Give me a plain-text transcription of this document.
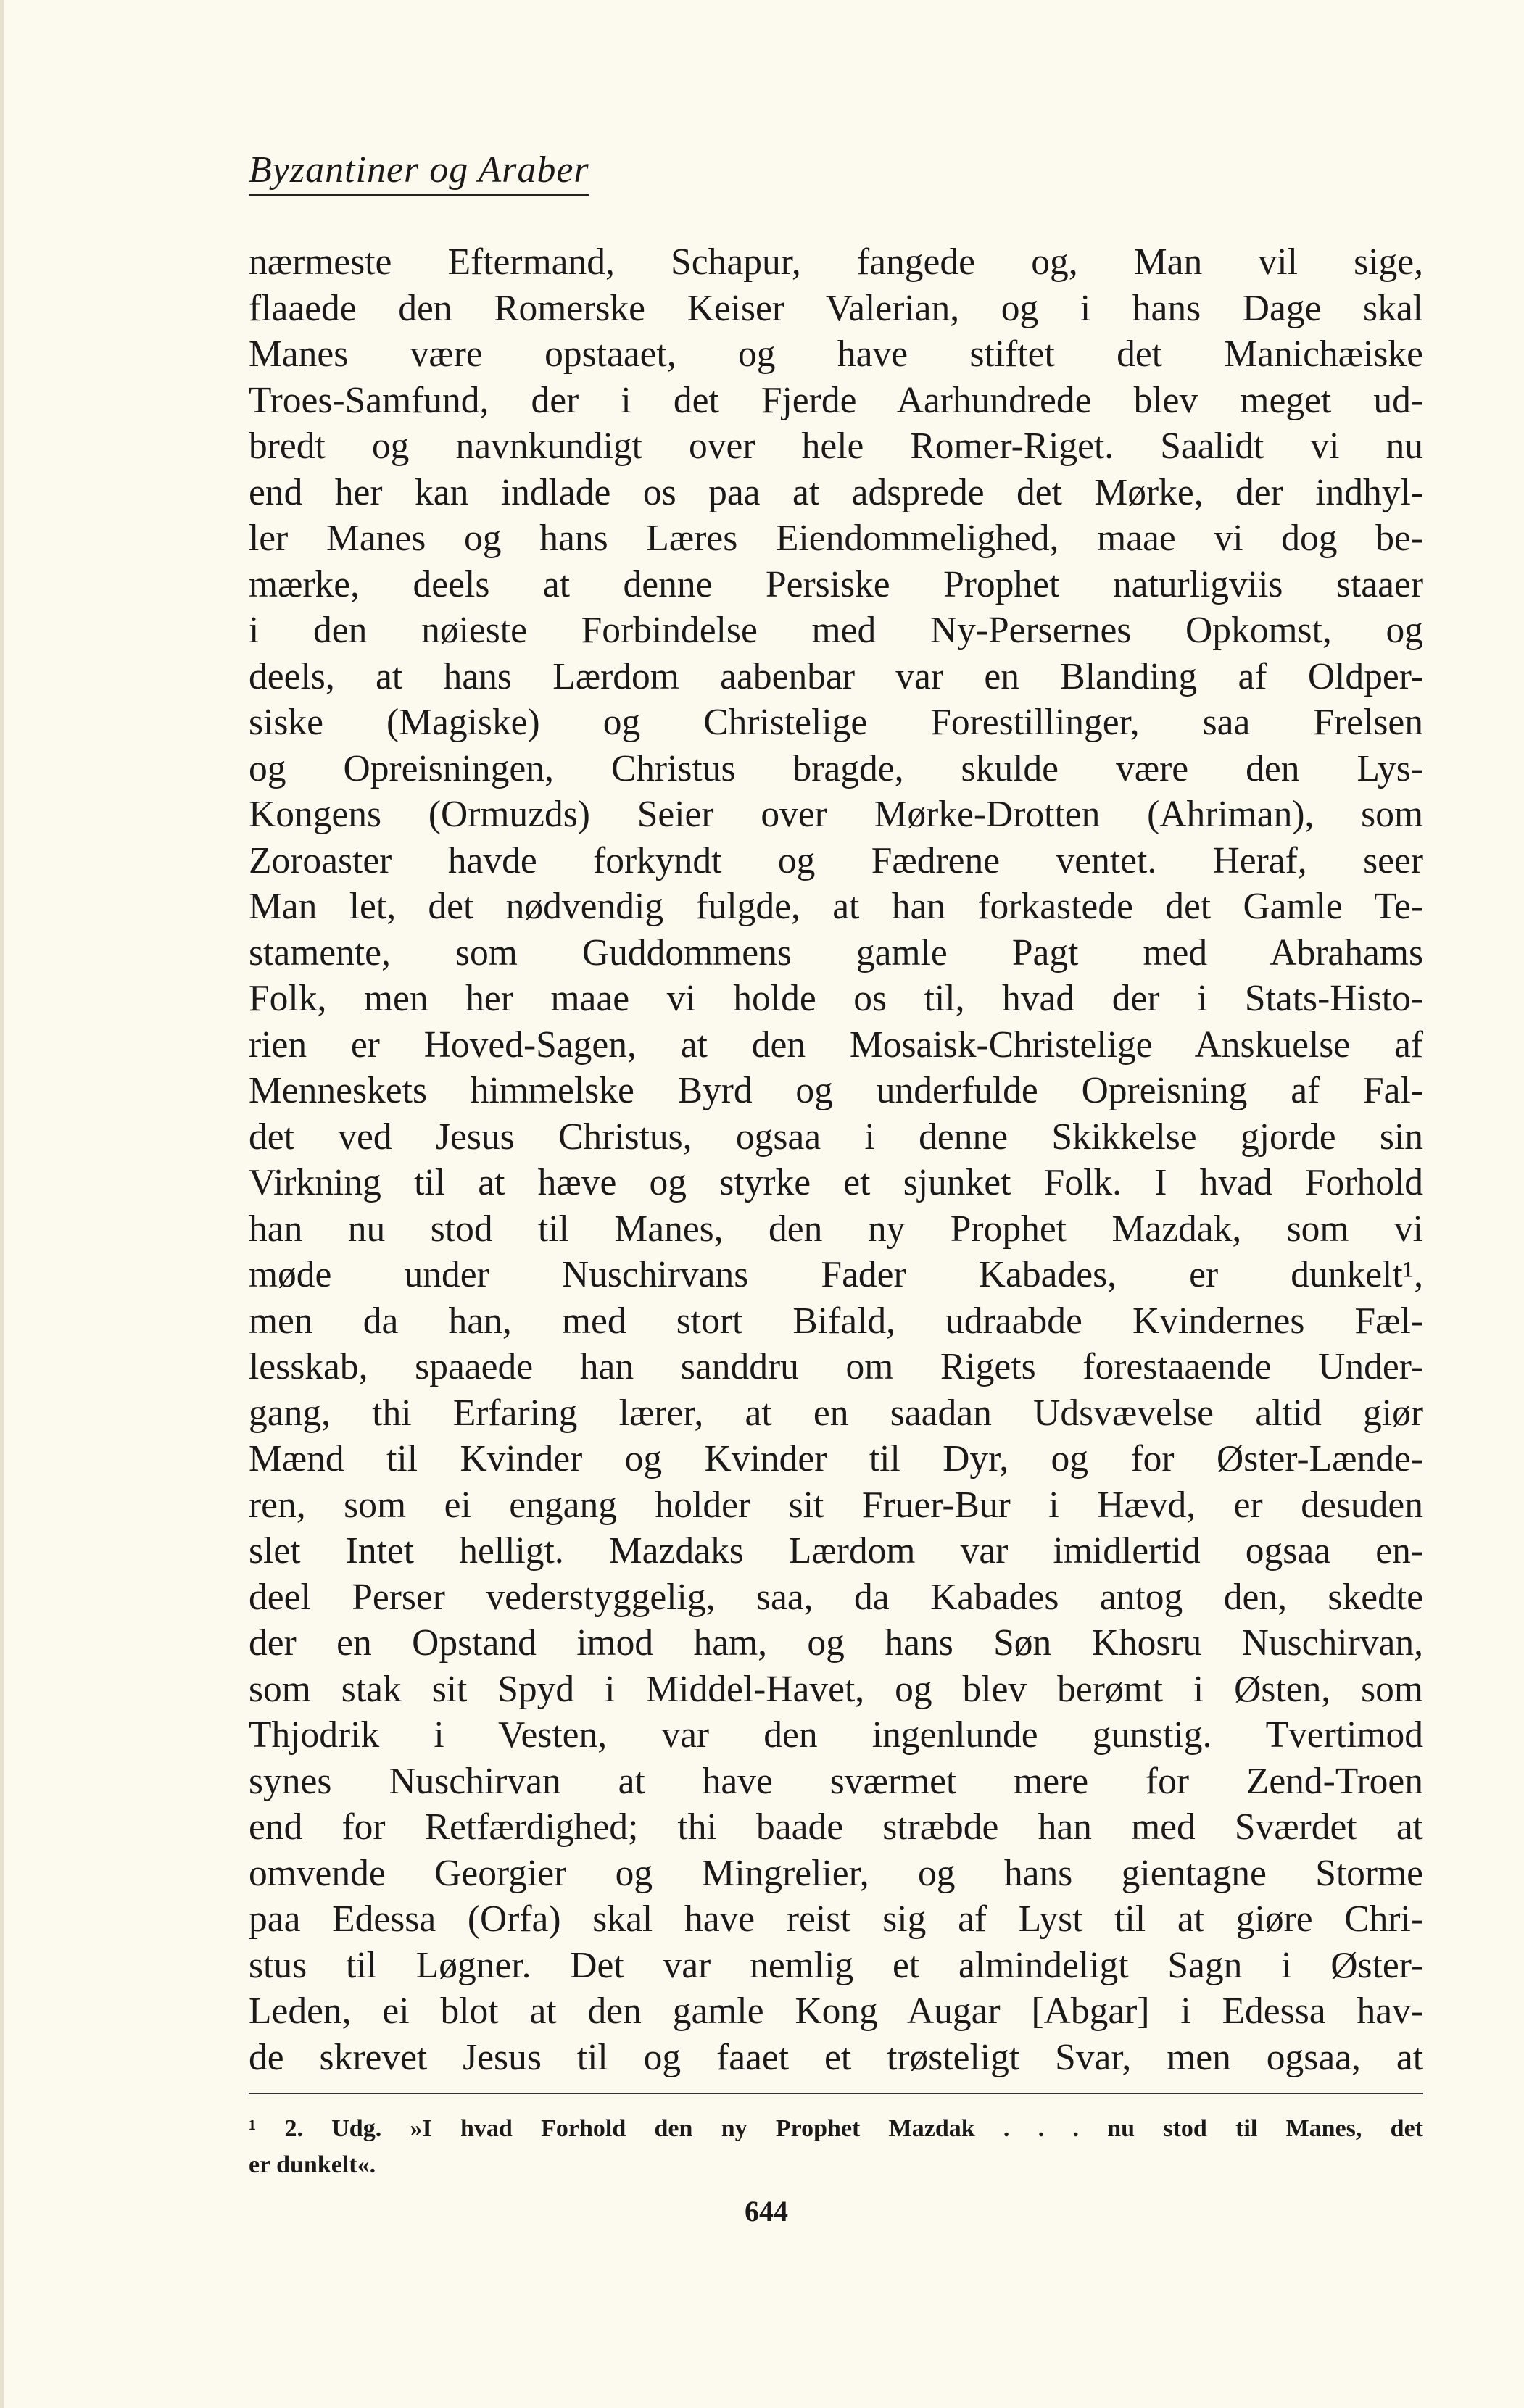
Byzantiner og Araber
nærmeste Eftermand, Schapur, fangede og, Man vil sige,
flaaede den Romerske Keiser Valerian, og i hans Dage skal
Manes være opstaaet, og have stiftet det Manichæiske
Troes-Samfund, der i det Fjerde Aarhundrede blev meget ud-
bredt og navnkundigt over hele Romer-Riget. Saalidt vi nu
end her kan indlade os paa at adsprede det Mørke, der indhyl-
ler Manes og hans Læres Eiendommelighed, maae vi dog be-
mærke, deels at denne Persiske Prophet naturligviis staaer
i den nøieste Forbindelse med Ny-Persernes Opkomst, og
deels, at hans Lærdom aabenbar var en Blanding af Oldper-
siske (Magiske) og Christelige Forestillinger, saa Frelsen
og Opreisningen, Christus bragde, skulde være den Lys-
Kongens (Ormuzds) Seier over Mørke-Drotten (Ahriman), som
Zoroaster havde forkyndt og Fædrene ventet. Heraf, seer
Man let, det nødvendig fulgde, at han forkastede det Gamle Te-
stamente, som Guddommens gamle Pagt med Abrahams
Folk, men her maae vi holde os til, hvad der i Stats-Histo-
rien er Hoved-Sagen, at den Mosaisk-Christelige Anskuelse af
Menneskets himmelske Byrd og underfulde Opreisning af Fal-
det ved Jesus Christus, ogsaa i denne Skikkelse gjorde sin
Virkning til at hæve og styrke et sjunket Folk. I hvad Forhold
han nu stod til Manes, den ny Prophet Mazdak, som vi
møde under Nuschirvans Fader Kabades, er dunkelt¹,
men da han, med stort Bifald, udraabde Kvindernes Fæl-
lesskab, spaaede han sanddru om Rigets forestaaende Under-
gang, thi Erfaring lærer, at en saadan Udsvævelse altid giør
Mænd til Kvinder og Kvinder til Dyr, og for Øster-Lænde-
ren, som ei engang holder sit Fruer-Bur i Hævd, er desuden
slet Intet helligt. Mazdaks Lærdom var imidlertid ogsaa en-
deel Perser vederstyggelig, saa, da Kabades antog den, skedte
der en Opstand imod ham, og hans Søn Khosru Nuschirvan,
som stak sit Spyd i Middel-Havet, og blev berømt i Østen, som
Thjodrik i Vesten, var den ingenlunde gunstig. Tvertimod
synes Nuschirvan at have sværmet mere for Zend-Troen
end for Retfærdighed; thi baade stræbde han med Sværdet at
omvende Georgier og Mingrelier, og hans gientagne Storme
paa Edessa (Orfa) skal have reist sig af Lyst til at giøre Chri-
stus til Løgner. Det var nemlig et almindeligt Sagn i Øster-
Leden, ei blot at den gamle Kong Augar [Abgar] i Edessa hav-
de skrevet Jesus til og faaet et trøsteligt Svar, men ogsaa, at
¹ 2. Udg. »I hvad Forhold den ny Prophet Mazdak . . . nu stod til Manes, det
er dunkelt«.
644
